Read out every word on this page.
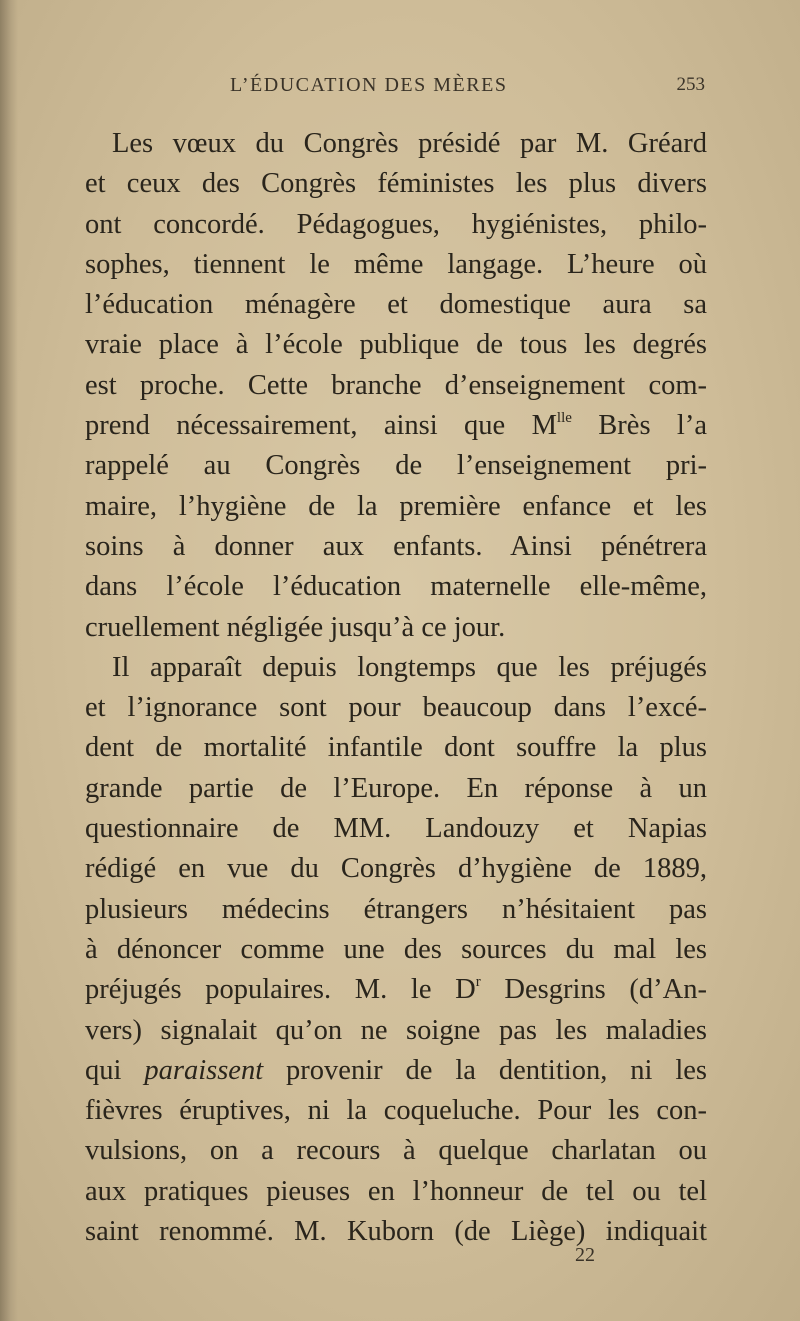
L’ÉDUCATION DES MÈRES	253
Les vœux du Congrès présidé par M. Gréard
et ceux des Congrès féministes les plus divers
ont concordé. Pédagogues, hygiénistes, philo-
sophes, tiennent le même langage. L’heure où
l’éducation ménagère et domestique aura sa
vraie place à l’école publique de tous les degrés
est proche. Cette branche d’enseignement com-
prend nécessairement, ainsi que $M^{lle}$ Brès l’a
rappelé au Congrès de l’enseignement pri-
maire, l’hygiène de la première enfance et les
soins à donner aux enfants. Ainsi pénétrera
dans l’école l’éducation maternelle elle-même,
cruellement négligée jusqu’à ce jour.
Il apparaît depuis longtemps que les préjugés
et l’ignorance sont pour beaucoup dans l’excé-
dent de mortalité infantile dont souffre la plus
grande partie de l’Europe. En réponse à un
questionnaire de MM. Landouzy et Napias
rédigé en vue du Congrès d’hygiène de 1889,
plusieurs médecins étrangers n’hésitaient pas
à dénoncer comme une des sources du mal les
préjugés populaires. M. le $D^r$ Desgrins (d’An-
vers) signalait qu’on ne soigne pas les maladies
qui paraissent provenir de la dentition, ni les
fièvres éruptives, ni la coqueluche. Pour les con-
vulsions, on a recours à quelque charlatan ou
aux pratiques pieuses en l’honneur de tel ou tel
saint renommé. M. Kuborn (de Liège) indiquait
22
